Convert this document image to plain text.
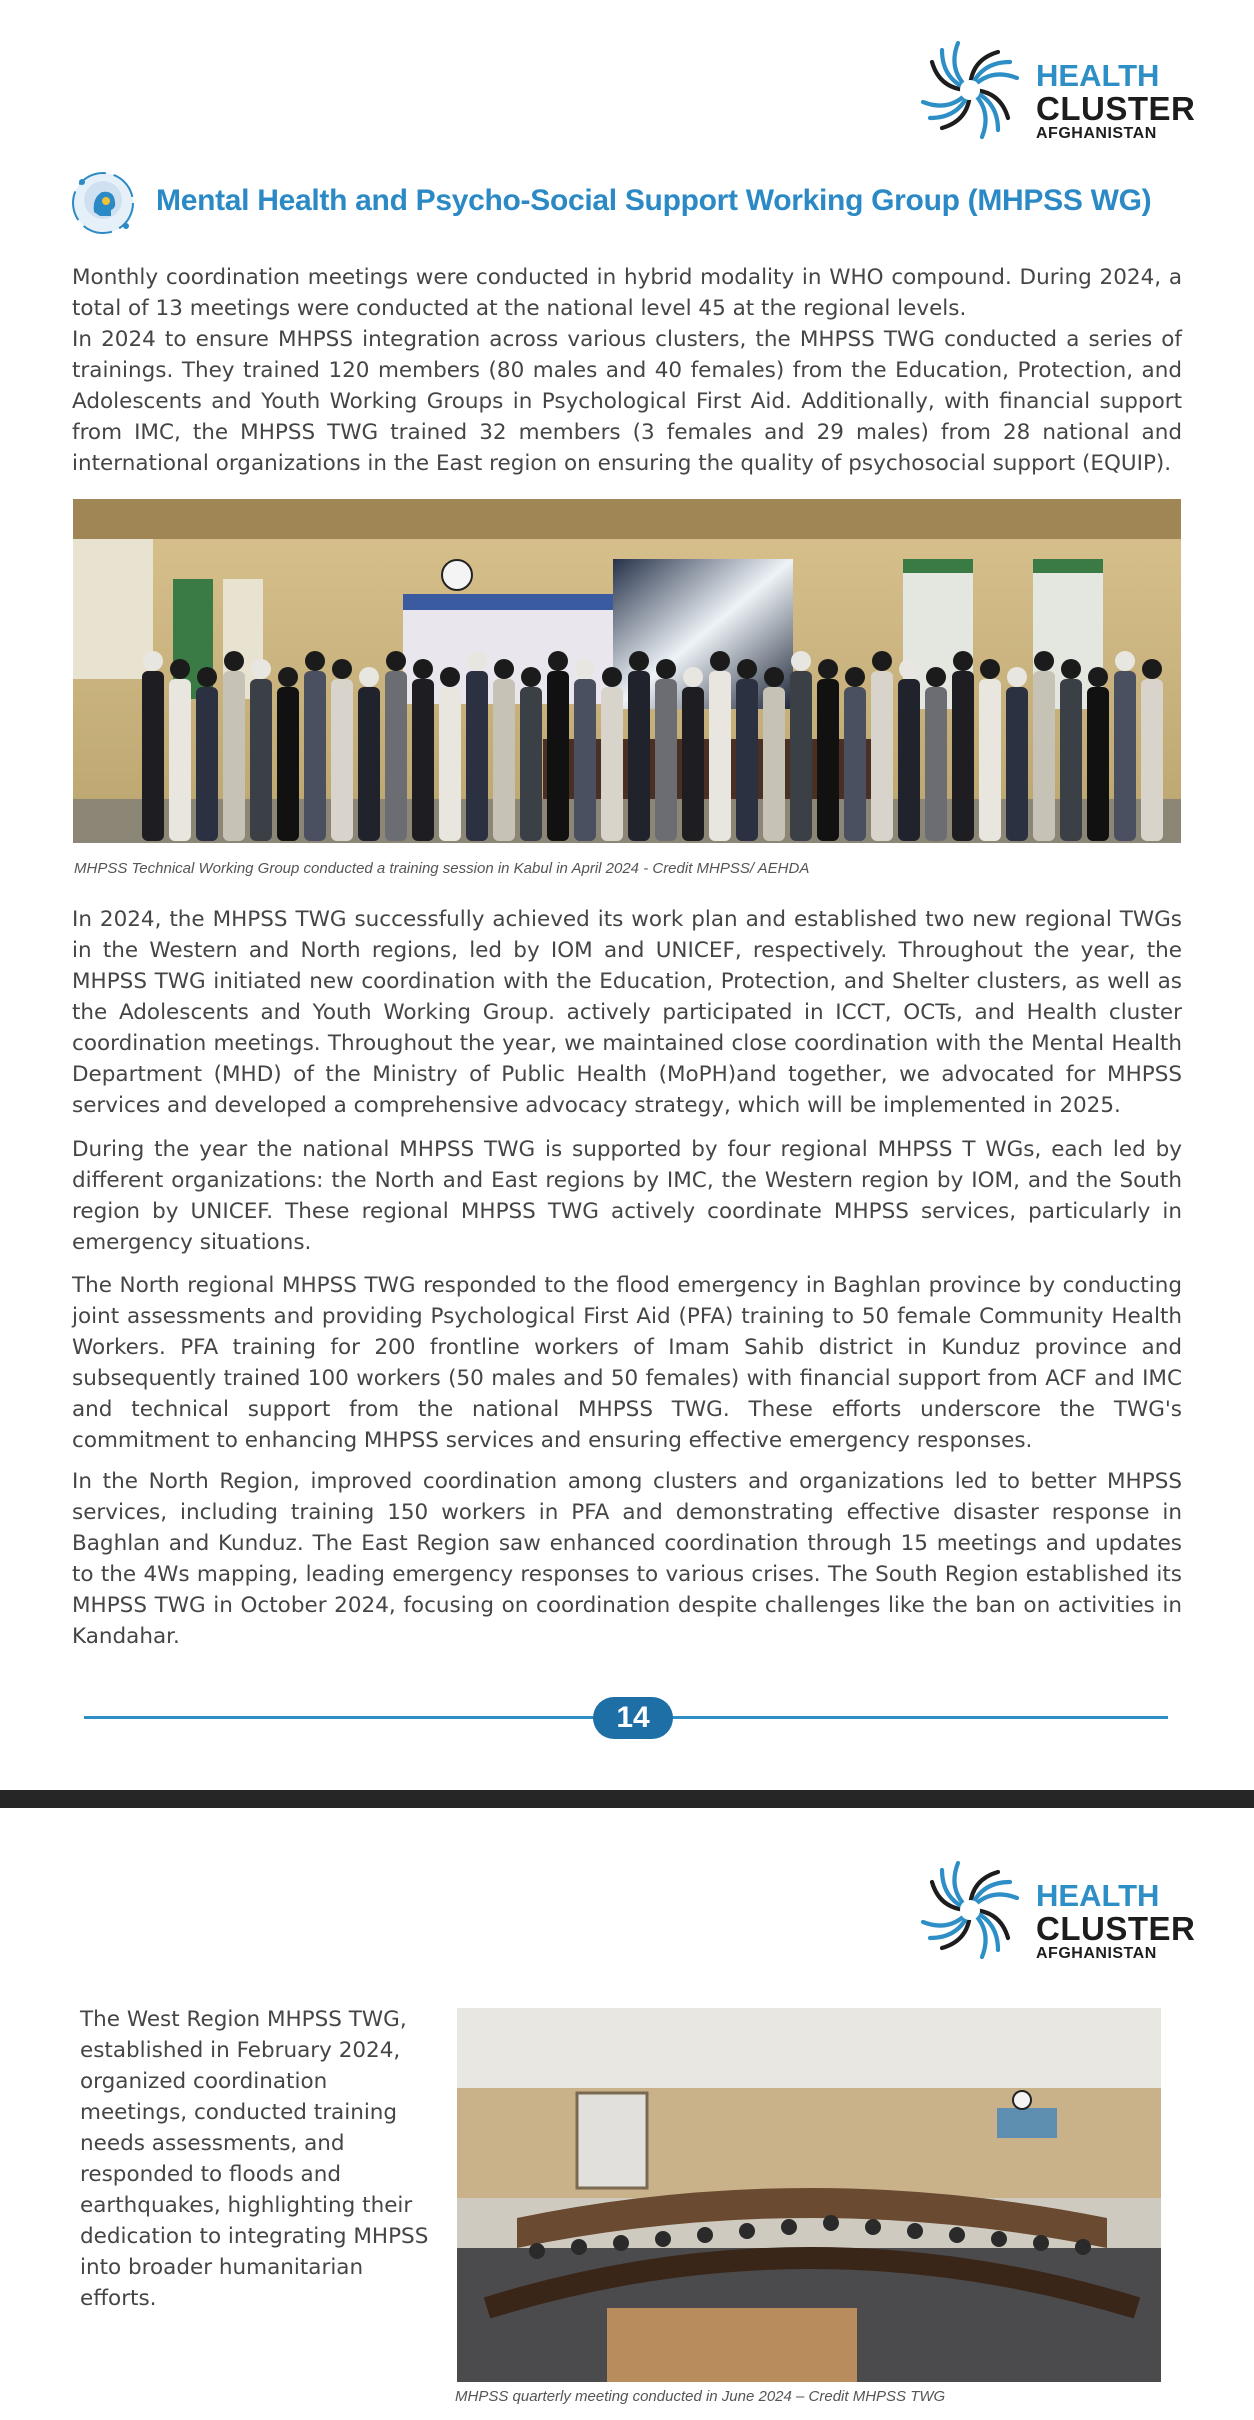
HEALTH
CLUSTER
AFGHANISTAN
Mental Health and Psycho-Social Support Working Group (MHPSS WG)

Monthly coordination meetings were conducted in hybrid modality in WHO compound. During 2024, a total of 13 meetings were conducted at the national level 45 at the regional levels.

In 2024 to ensure MHPSS integration across various clusters, the MHPSS TWG conducted a series of trainings. They trained 120 members (80 males and 40 females) from the Education, Protection, and Adolescents and Youth Working Groups in Psychological First Aid. Additionally, with financial support from IMC, the MHPSS TWG trained 32 members (3 females and 29 males) from 28 national and international organizations in the East region on ensuring the quality of psychosocial support (EQUIP).

MHPSS Technical Working Group conducted a training session in Kabul in April 2024 - Credit MHPSS/ AEHDA

In 2024, the MHPSS TWG successfully achieved its work plan and established two new regional TWGs in the Western and North regions, led by IOM and UNICEF, respectively. Throughout the year, the MHPSS TWG initiated new coordination with the Education, Protection, and Shelter clusters, as well as the Adolescents and Youth Working Group. actively participated in ICCT, OCTs, and Health cluster coordination meetings. Throughout the year, we maintained close coordination with the Mental Health Department (MHD) of the Ministry of Public Health (MoPH)and together, we advocated for MHPSS services and developed a comprehensive advocacy strategy, which will be implemented in 2025.

During the year the national MHPSS TWG is supported by four regional MHPSS T WGs, each led by different organizations: the North and East regions by IMC, the Western region by IOM, and the South region by UNICEF. These regional MHPSS TWG actively coordinate MHPSS services, particularly in emergency situations.

The North regional MHPSS TWG responded to the flood emergency in Baghlan province by conducting joint assessments and providing Psychological First Aid (PFA) training to 50 female Community Health Workers. PFA training for 200 frontline workers of Imam Sahib district in Kunduz province and subsequently trained 100 workers (50 males and 50 females) with financial support from ACF and IMC and technical support from the national MHPSS TWG. These efforts underscore the TWG's commitment to enhancing MHPSS services and ensuring effective emergency responses.

In the North Region, improved coordination among clusters and organizations led to better MHPSS services, including training 150 workers in PFA and demonstrating effective disaster response in Baghlan and Kunduz. The East Region saw enhanced coordination through 15 meetings and updates to the 4Ws mapping, leading emergency responses to various crises. The South Region established its MHPSS TWG in October 2024, focusing on coordination despite challenges like the ban on activities in Kandahar.

14
HEALTH
CLUSTER
AFGHANISTAN

The West Region MHPSS TWG, established in February 2024, organized coordination meetings, conducted training needs assessments, and responded to floods and earthquakes, highlighting their dedication to integrating MHPSS into broader humanitarian efforts.

MHPSS quarterly meeting conducted in June 2024 – Credit MHPSS TWG
